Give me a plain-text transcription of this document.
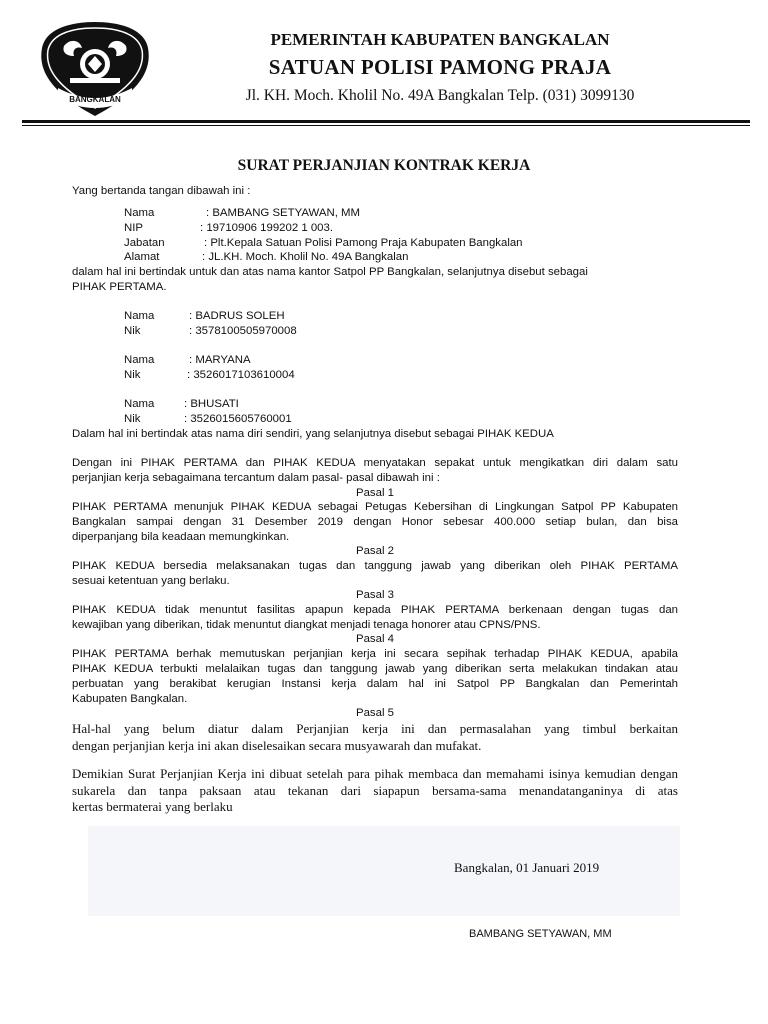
BANGKALAN
PEMERINTAH KABUPATEN BANGKALAN
SATUAN POLISI PAMONG PRAJA
Jl. KH. Moch. Kholil No. 49A Bangkalan Telp. (031) 3099130
SURAT PERJANJIAN KONTRAK KERJA
Yang bertanda tangan dibawah ini :
Nama	: BAMBANG SETYAWAN, MM
NIP	: 19710906 199202 1 003.
Jabatan	: Plt.Kepala Satuan Polisi Pamong Praja Kabupaten Bangkalan
Alamat	: JL.KH. Moch. Kholil No. 49A Bangkalan
dalam hal ini bertindak untuk dan atas nama kantor Satpol PP Bangkalan, selanjutnya disebut sebagai
PIHAK PERTAMA.
Nama	: BADRUS SOLEH
Nik	: 3578100505970008
Nama	: MARYANA
Nik	: 3526017103610004
Nama	: BHUSATI
Nik	: 3526015605760001
Dalam hal ini bertindak atas nama diri sendiri, yang selanjutnya disebut sebagai PIHAK KEDUA
Dengan ini PIHAK PERTAMA dan PIHAK KEDUA menyatakan sepakat untuk mengikatkan diri dalam satu
perjanjian kerja sebagaimana tercantum dalam pasal- pasal dibawah ini :
Pasal 1
PIHAK PERTAMA menunjuk PIHAK KEDUA sebagai Petugas Kebersihan di Lingkungan Satpol PP Kabupaten
Bangkalan sampai dengan 31 Desember 2019 dengan Honor sebesar 400.000 setiap bulan, dan bisa
diperpanjang bila keadaan memungkinkan.
Pasal 2
PIHAK KEDUA bersedia melaksanakan tugas dan tanggung jawab yang diberikan oleh PIHAK PERTAMA
sesuai ketentuan yang berlaku.
Pasal 3
PIHAK KEDUA tidak menuntut fasilitas apapun kepada PIHAK PERTAMA berkenaan dengan tugas dan
kewajiban yang diberikan, tidak menuntut diangkat menjadi tenaga honorer atau CPNS/PNS.
Pasal 4
PIHAK PERTAMA berhak memutuskan perjanjian kerja ini secara sepihak terhadap PIHAK KEDUA, apabila
PIHAK KEDUA terbukti melalaikan tugas dan tanggung jawab yang diberikan serta melakukan tindakan atau
perbuatan yang berakibat kerugian Instansi kerja dalam hal ini Satpol PP Bangkalan dan Pemerintah
Kabupaten Bangkalan.
Pasal 5
Hal-hal yang belum diatur dalam Perjanjian kerja ini dan permasalahan yang timbul berkaitan
dengan perjanjian kerja ini akan diselesaikan secara musyawarah dan mufakat.
Demikian Surat Perjanjian Kerja ini dibuat setelah para pihak membaca dan memahami isinya kemudian dengan
sukarela dan tanpa paksaan atau tekanan dari siapapun bersama-sama menandatanganinya di atas
kertas bermaterai yang berlaku
Bangkalan, 01 Januari 2019
BAMBANG SETYAWAN, MM
